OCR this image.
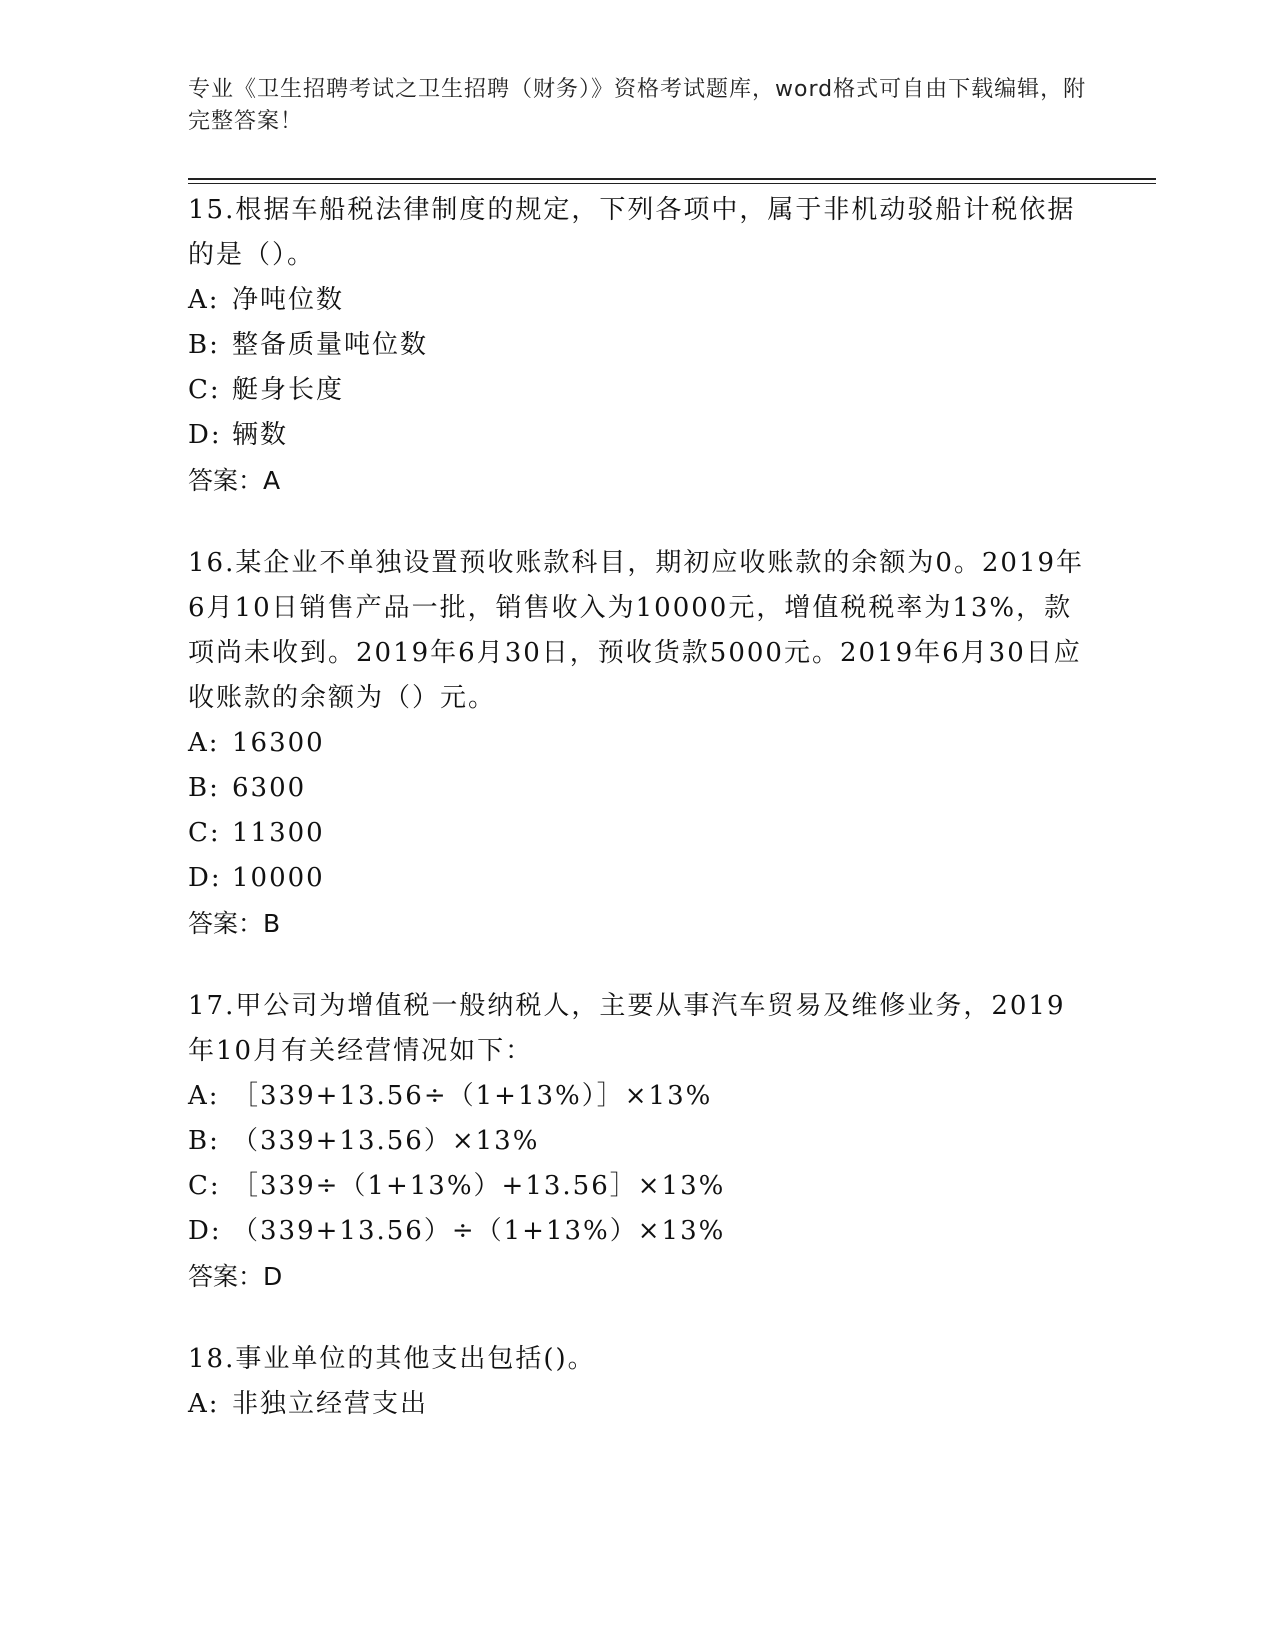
专业《卫生招聘考试之卫生招聘（财务）》资格考试题库，word格式可自由下载编辑，附完整答案！

15.根据车船税法律制度的规定，下列各项中，属于非机动驳船计税依据的是（）。

A: 净吨位数

B: 整备质量吨位数

C: 艇身长度

D: 辆数

答案：A

16.某企业不单独设置预收账款科目，期初应收账款的余额为0。2019年6月10日销售产品一批，销售收入为10000元，增值税税率为13%，款项尚未收到。2019年6月30日，预收货款5000元。2019年6月30日应收账款的余额为（）元。

A: 16300

B: 6300

C: 11300

D: 10000

答案：B

17.甲公司为增值税一般纳税人，主要从事汽车贸易及维修业务，2019年10月有关经营情况如下：

A: ［339+13.56÷（1+13%）］×13%

B: （339+13.56）×13%

C: ［339÷（1+13%）+13.56］×13%

D: （339+13.56）÷（1+13%）×13%

答案：D

18.事业单位的其他支出包括()。

A: 非独立经营支出
